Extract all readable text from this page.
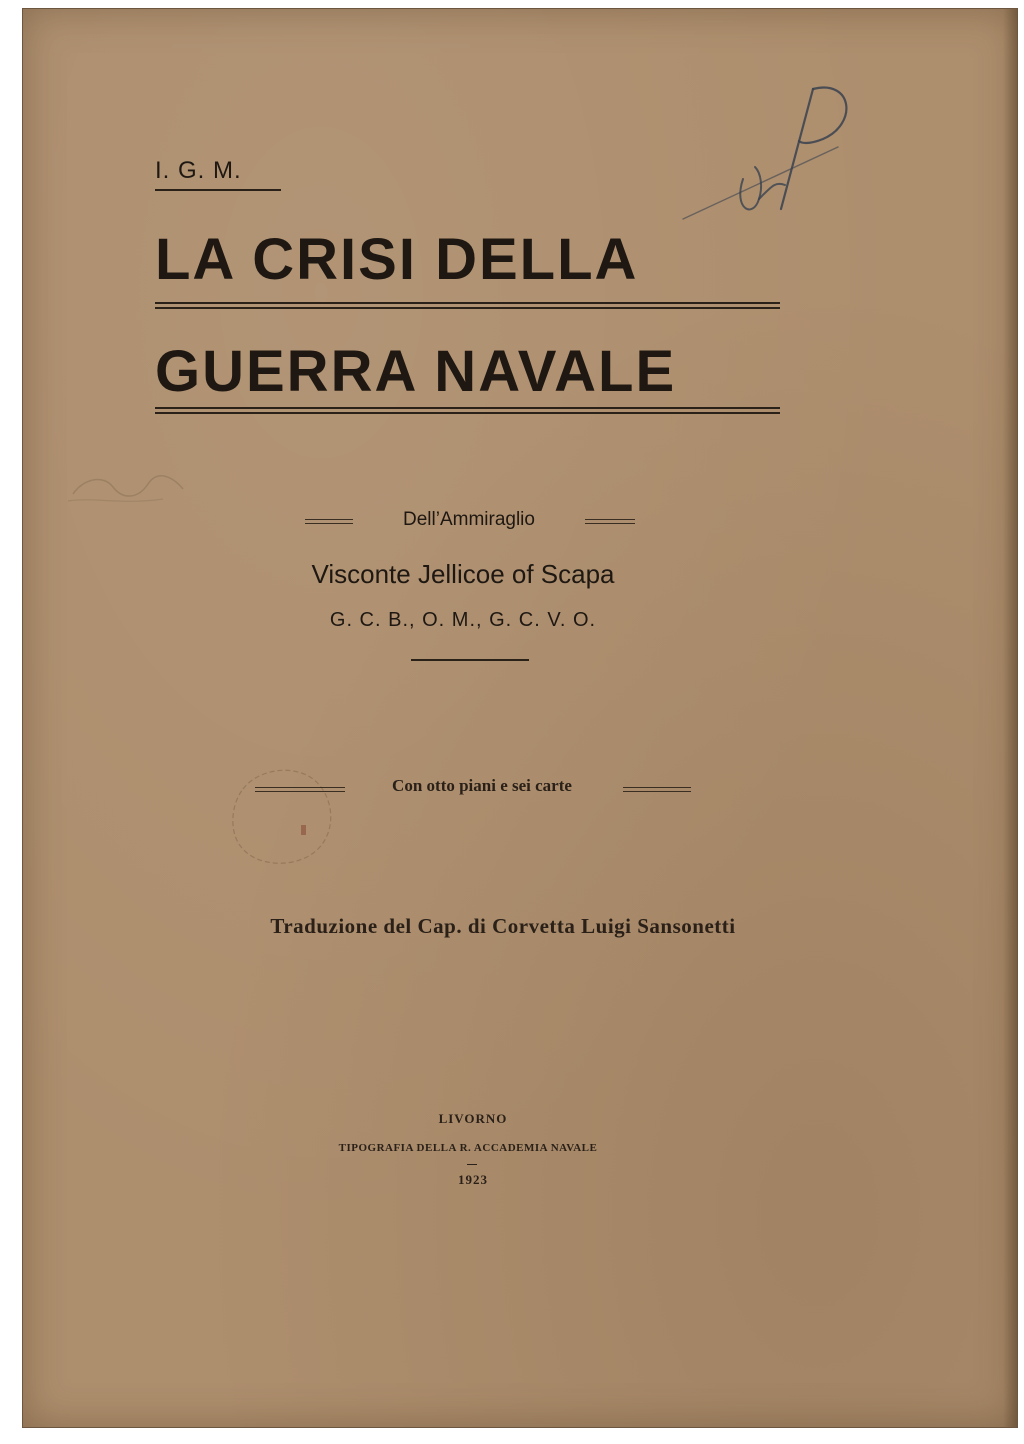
I. G. M.
LA CRISI DELLA
GUERRA NAVALE
Dell’Ammiraglio
Visconte Jellicoe of Scapa
G. C. B., O. M., G. C. V. O.
Con otto piani e sei carte
Traduzione del Cap. di Corvetta Luigi Sansonetti
LIVORNO
TIPOGRAFIA DELLA R. ACCADEMIA NAVALE
1923
